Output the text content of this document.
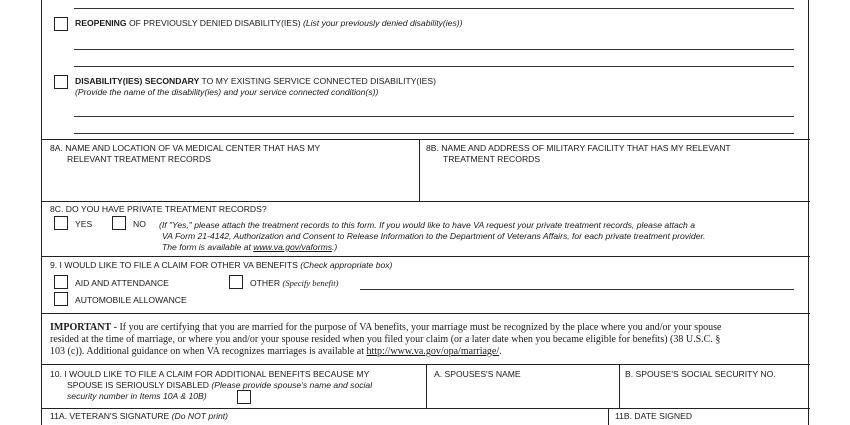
REOPENING OF PREVIOUSLY DENIED DISABILITY(IES) (List your previously denied disability(ies))
DISABILITY(IES) SECONDARY TO MY EXISTING SERVICE CONNECTED DISABILITY(IES)
(Provide the name of the disability(ies) and your service connected condition(s))
8A. NAME AND LOCATION OF VA MEDICAL CENTER THAT HAS MY
RELEVANT TREATMENT RECORDS
8B. NAME AND ADDRESS OF MILITARY FACILITY THAT HAS MY RELEVANT
TREATMENT RECORDS
8C. DO YOU HAVE PRIVATE TREATMENT RECORDS?
YES	NO (If "Yes," please attach the treatment records to this form. If you would like to have VA request your private treatment records, please attach a
VA Form 21-4142, Authorization and Consent to Release Information to the Department of Veterans Affairs, for each private treatment provider.
The form is available at www.va.gov/vaforms.)
9. I WOULD LIKE TO FILE A CLAIM FOR OTHER VA BENEFITS (Check appropriate box)
AID AND ATTENDANCE	OTHER (Specify benefit)
AUTOMOBILE ALLOWANCE
IMPORTANT - If you are certifying that you are married for the purpose of VA benefits, your marriage must be recognized by the place where you and/or your spouse
resided at the time of marriage, or where you and/or your spouse resided when you filed your claim (or a later date when you became eligible for benefits) (38 U.S.C. §
103 (c)). Additional guidance on when VA recognizes marriages is available at http://www.va.gov/opa/marriage/.
10. I WOULD LIKE TO FILE A CLAIM FOR ADDITIONAL BENEFITS BECAUSE MY
SPOUSE IS SERIOUSLY DISABLED (Please provide spouse's name and social
security number in Items 10A & 10B)
A. SPOUSES'S NAME	B. SPOUSE'S SOCIAL SECURITY NO.
11A. VETERAN'S SIGNATURE (Do NOT print)	11B. DATE SIGNED
